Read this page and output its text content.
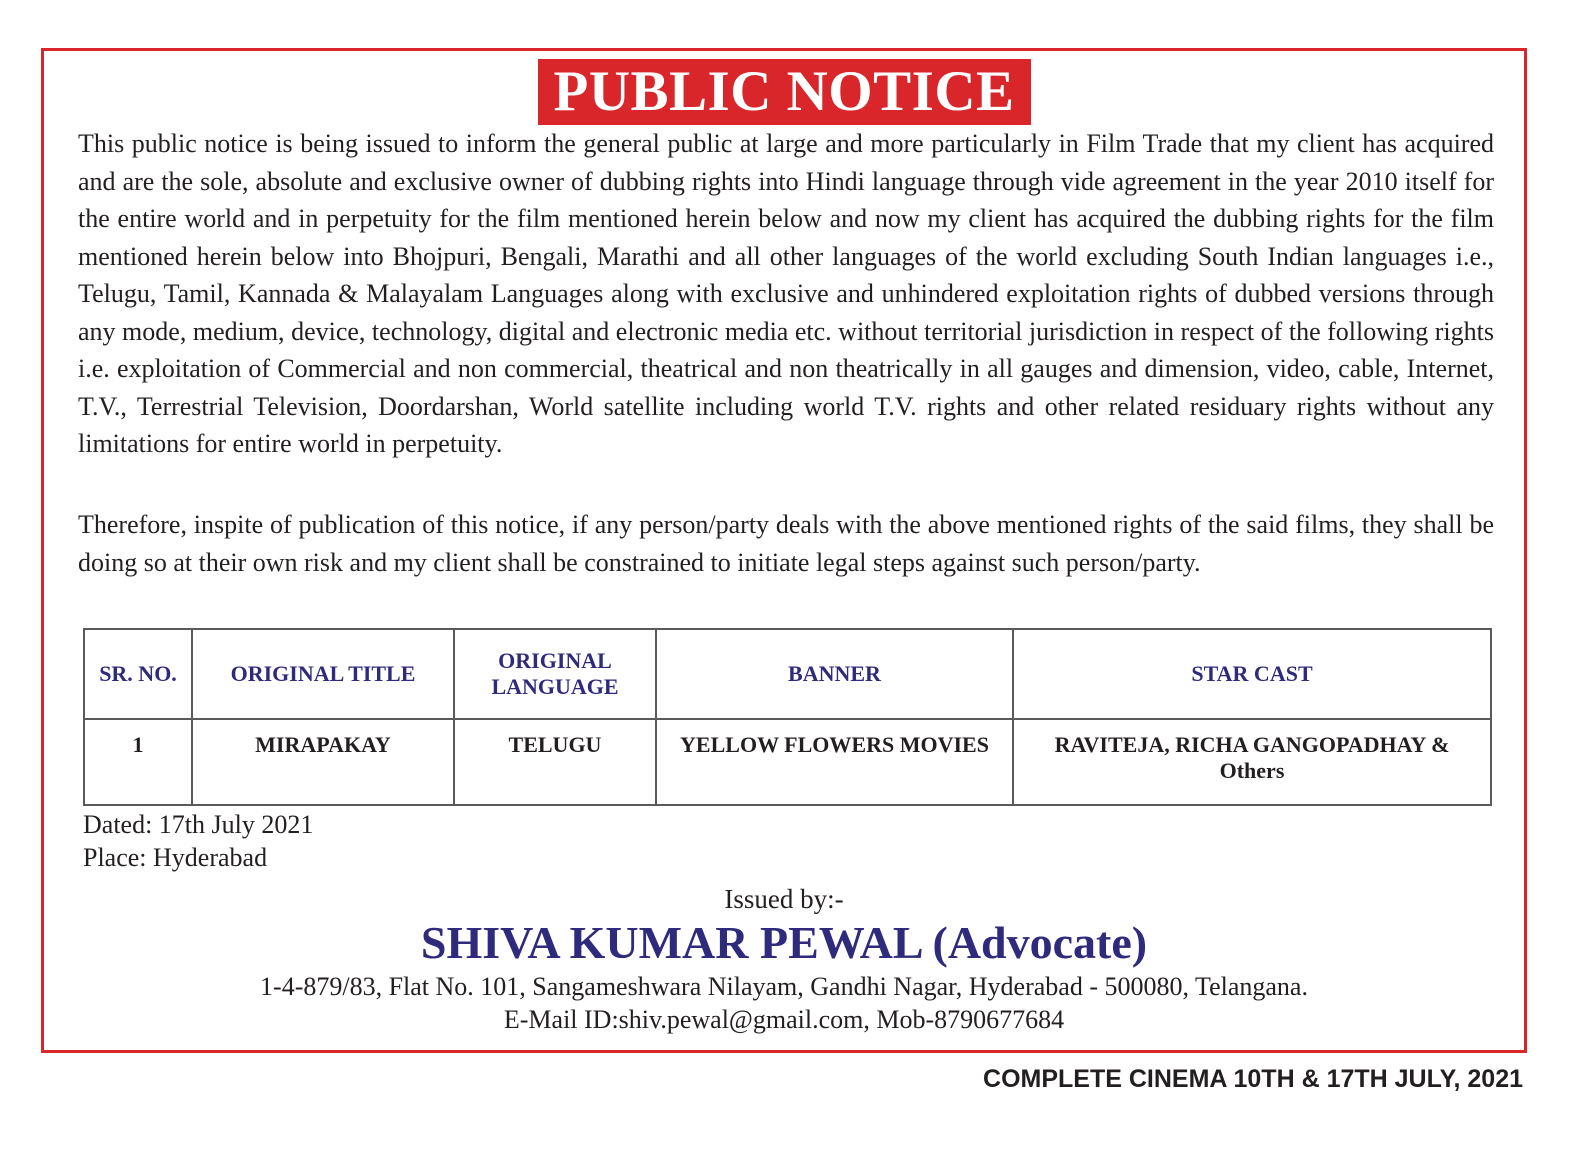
PUBLIC NOTICE

This public notice is being issued to inform the general public at large and more particularly in Film Trade that my client has acquired and are the sole, absolute and exclusive owner of dubbing rights into Hindi language through vide agreement in the year 2010 itself for the entire world and in perpetuity for the film mentioned herein below and now my client has acquired the dubbing rights for the film mentioned herein below into Bhojpuri, Bengali, Marathi and all other languages of the world excluding South Indian languages i.e., Telugu, Tamil, Kannada & Malayalam Languages along with exclusive and unhindered exploitation rights of dubbed versions through any mode, medium, device, technology, digital and electronic media etc. without territorial jurisdiction in respect of the following rights i.e. exploitation of Commercial and non commercial, theatrical and non theatrically in all gauges and dimension, video, cable, Internet, T.V., Terrestrial Television, Doordarshan, World satellite including world T.V. rights and other related residuary rights without any limitations for entire world in perpetuity.

Therefore, inspite of publication of this notice, if any person/party deals with the above mentioned rights of the said films, they shall be doing so at their own risk and my client shall be constrained to initiate legal steps against such person/party.

SR. NO.	ORIGINAL TITLE	ORIGINAL LANGUAGE	BANNER	STAR CAST
1	MIRAPAKAY	TELUGU	YELLOW FLOWERS MOVIES	RAVITEJA, RICHA GANGOPADHAY & Others
Dated: 17th July 2021
Place: Hyderabad
Issued by:-
SHIVA KUMAR PEWAL (Advocate)
1-4-879/83, Flat No. 101, Sangameshwara Nilayam, Gandhi Nagar, Hyderabad - 500080, Telangana.
E-Mail ID:shiv.pewal@gmail.com, Mob-8790677684
COMPLETE CINEMA 10TH & 17TH JULY, 2021
